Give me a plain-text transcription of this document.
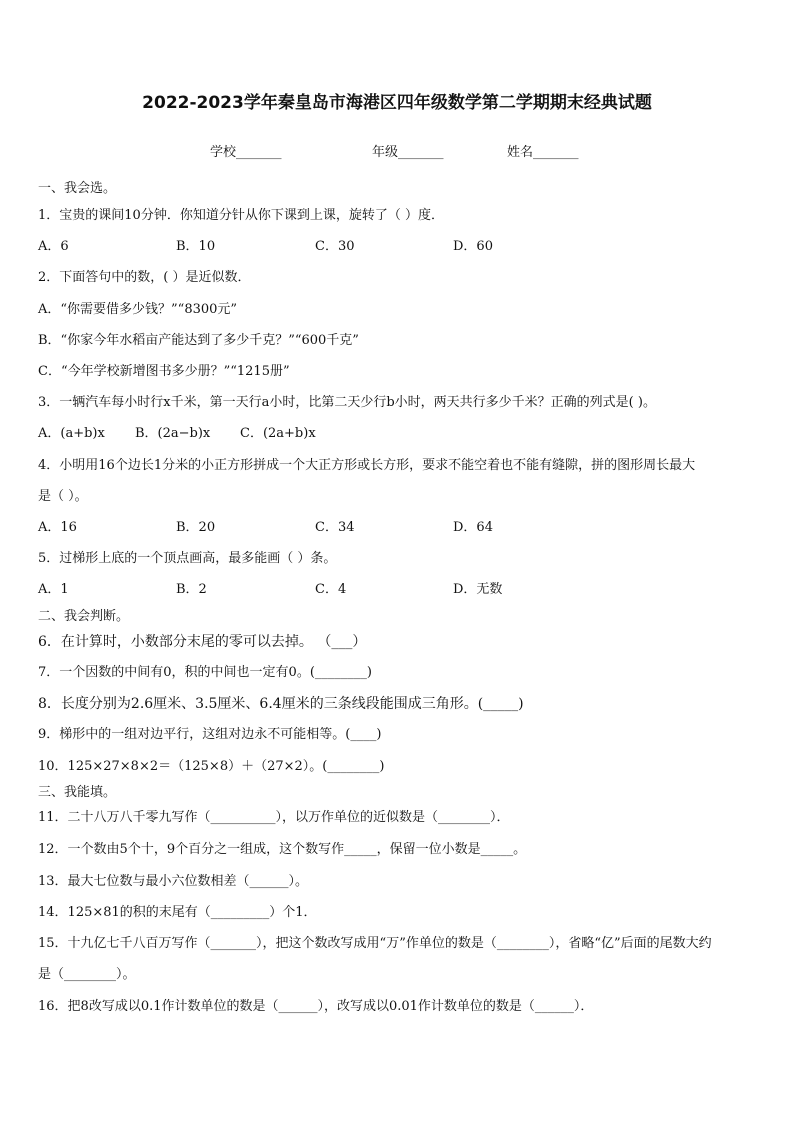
2022-2023学年秦皇岛市海港区四年级数学第二学期期末经典试题
学校_______	年级_______	姓名_______
一、我会选。
1．宝贵的课间10分钟．你知道分针从你下课到上课，旋转了（ ）度．
A．6	B．10	C．30	D．60
2．下面答句中的数，( ）是近似数．
A．“你需要借多少钱？”“8300元”
B．“你家今年水稻亩产能达到了多少千克？”“600千克”
C．“今年学校新增图书多少册？”“1215册”
3．一辆汽车每小时行x千米，第一天行a小时，比第二天少行b小时，两天共行多少千米？正确的列式是( )。
A．(a+b)x B．(2a−b)x C．(2a+b)x
4．小明用16个边长1分米的小正方形拼成一个大正方形或长方形，要求不能空着也不能有缝隙，拼的图形周长最大
是（ ）。
A．16	B．20	C．34	D．64
5．过梯形上底的一个顶点画高，最多能画（ ）条。
A．1	B．2	C．4	D．无数
二、我会判断。
6．在计算时，小数部分末尾的零可以去掉。 （___）
7．一个因数的中间有0，积的中间也一定有0。(________)
8．长度分别为2.6厘米、3.5厘米、6.4厘米的三条线段能围成三角形。(_____)
9．梯形中的一组对边平行，这组对边永不可能相等。(____)
10．125×27×8×2＝（125×8）＋（27×2）。(________)
三、我能填。
11．二十八万八千零九写作（__________），以万作单位的近似数是（________）．
12．一个数由5个十，9个百分之一组成，这个数写作_____，保留一位小数是_____。
13．最大七位数与最小六位数相差（______）。
14．125×81的积的末尾有（_________）个1．
15．十九亿七千八百万写作（_______），把这个数改写成用“万”作单位的数是（________），省略“亿”后面的尾数大约
是（________）。
16．把8改写成以0.1作计数单位的数是（______），改写成以0.01作计数单位的数是（______）．
